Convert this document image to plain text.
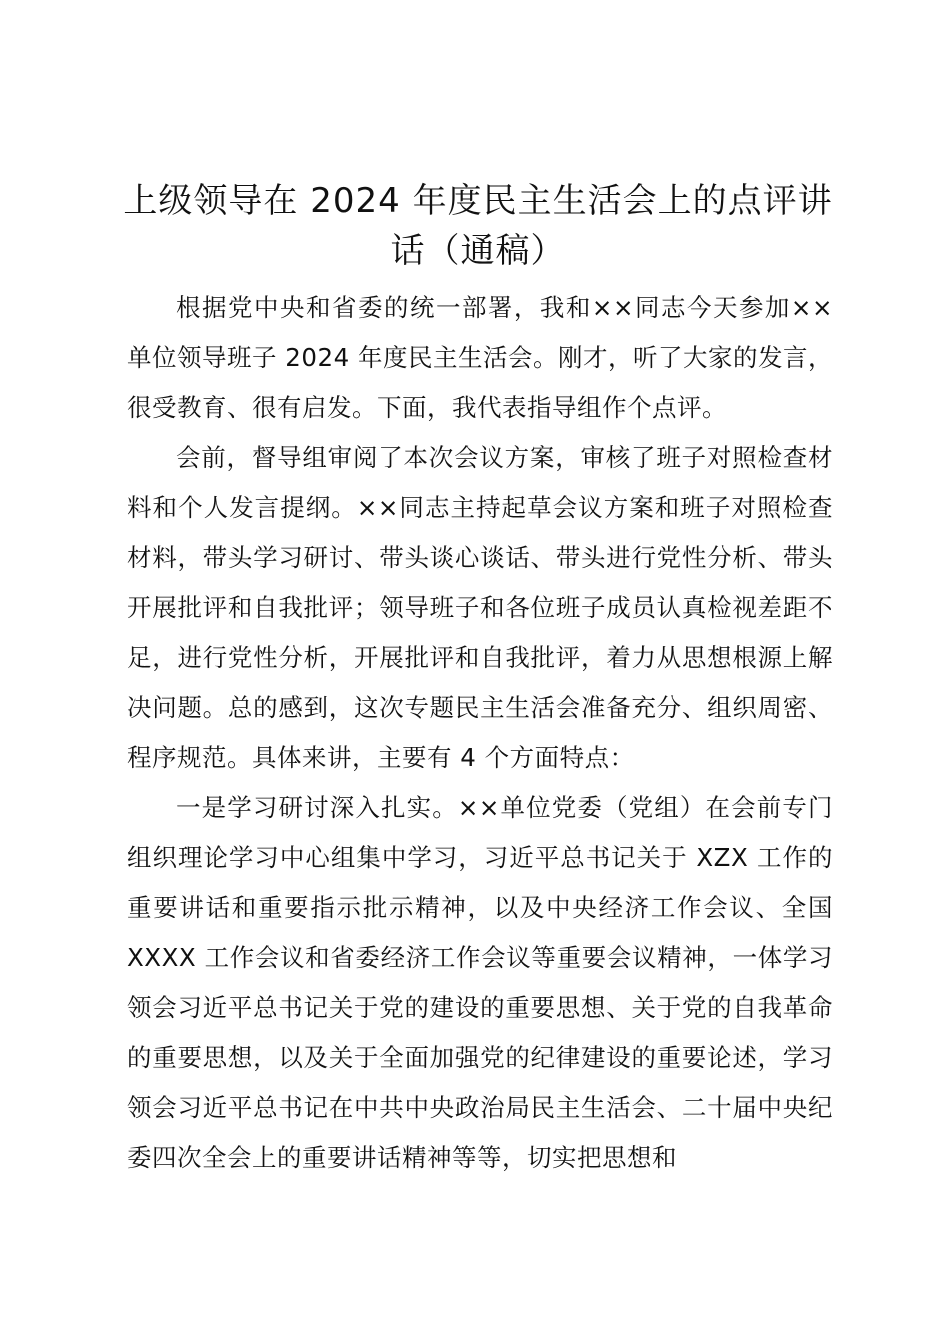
上级领导在 2024 年度民主生活会上的点评讲话（通稿）

根据党中央和省委的统一部署，我和××同志今天参加××单位领导班子 2024 年度民主生活会。刚才，听了大家的发言，很受教育、很有启发。下面，我代表指导组作个点评。

会前，督导组审阅了本次会议方案，审核了班子对照检查材料和个人发言提纲。××同志主持起草会议方案和班子对照检查材料，带头学习研讨、带头谈心谈话、带头进行党性分析、带头开展批评和自我批评；领导班子和各位班子成员认真检视差距不足，进行党性分析，开展批评和自我批评，着力从思想根源上解决问题。总的感到，这次专题民主生活会准备充分、组织周密、程序规范。具体来讲，主要有 4 个方面特点：

一是学习研讨深入扎实。××单位党委（党组）在会前专门组织理论学习中心组集中学习，习近平总书记关于 XZX 工作的重要讲话和重要指示批示精神，以及中央经济工作会议、全国 XXXX 工作会议和省委经济工作会议等重要会议精神，一体学习领会习近平总书记关于党的建设的重要思想、关于党的自我革命的重要思想，以及关于全面加强党的纪律建设的重要论述，学习领会习近平总书记在中共中央政治局民主生活会、二十届中央纪委四次全会上的重要讲话精神等等，切实把思想和
